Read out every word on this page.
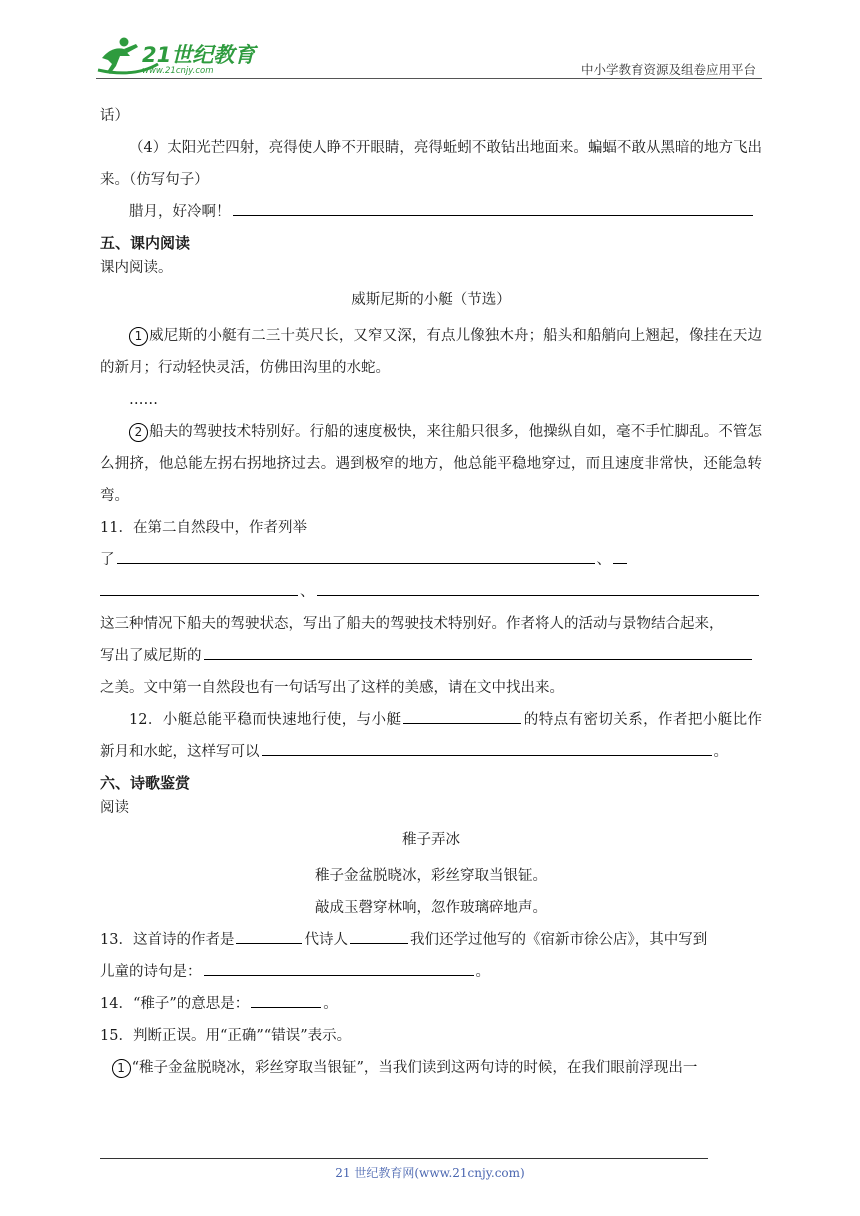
21世纪教育
www.21cnjy.com	中小学教育资源及组卷应用平台

话）

（4）太阳光芒四射，亮得使人睁不开眼睛，亮得蚯蚓不敢钻出地面来。蝙蝠不敢从黑暗的地方飞出来。（仿写句子）

腊月，好冷啊！

五、课内阅读

课内阅读。

威斯尼斯的小艇（节选）

1 威尼斯的小艇有二三十英尺长，又窄又深，有点儿像独木舟；船头和船艄向上翘起，像挂在天边的新月；行动轻快灵活，仿佛田沟里的水蛇。

……

2 船夫的驾驶技术特别好。行船的速度极快，来往船只很多，他操纵自如，毫不手忙脚乱。不管怎么拥挤，他总能左拐右拐地挤过去。遇到极窄的地方，他总能平稳地穿过，而且速度非常快，还能急转弯。

11．在第二自然段中，作者列举

了	、

、

这三种情况下船夫的驾驶状态，写出了船夫的驾驶技术特别好。作者将人的活动与景物结合起来，

写出了威尼斯的

之美。文中第一自然段也有一句话写出了这样的美感，请在文中找出来。

12．小艇总能平稳而快速地行使，与小艇	的特点有密切关系，作者把小艇比作新月和水蛇，这样写可以	。

六、诗歌鉴赏

阅读

稚子弄冰

稚子金盆脱晓冰，彩丝穿取当银钲。

敲成玉磬穿林响，忽作玻璃碎地声。

13．这首诗的作者是	代诗人	我们还学过他写的《宿新市徐公店》，其中写到

儿童的诗句是：	。

14．“稚子”的意思是：	。

15．判断正误。用“正确”“错误”表示。

1 “稚子金盆脱晓冰，彩丝穿取当银钲”，当我们读到这两句诗的时候，在我们眼前浮现出一

21 世纪教育网(www.21cnjy.com)
